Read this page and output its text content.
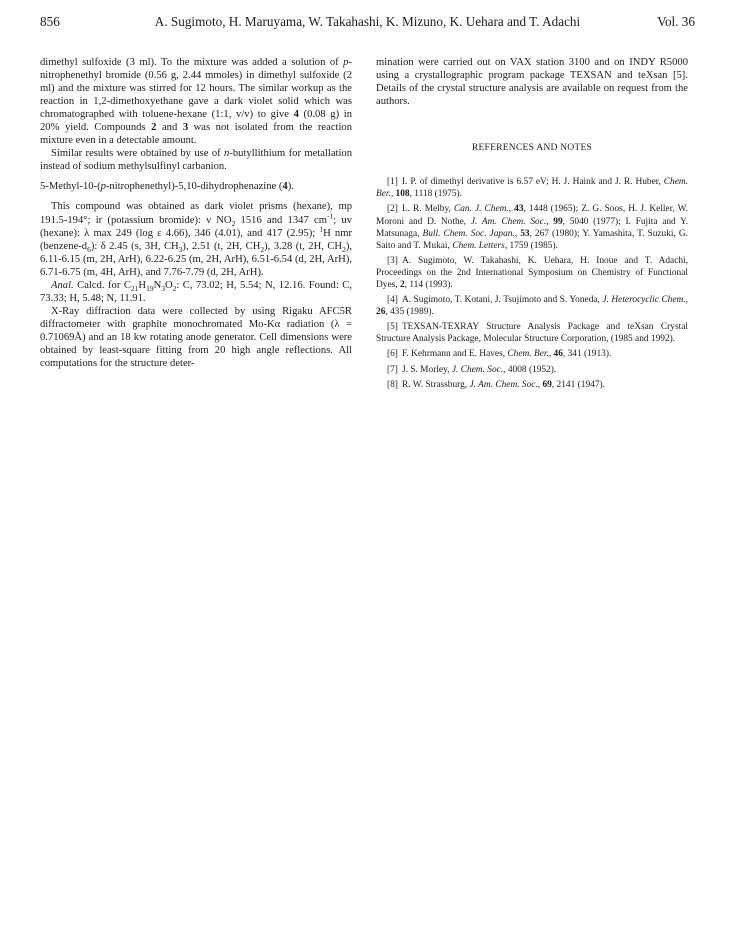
856	A. Sugimoto, H. Maruyama, W. Takahashi, K. Mizuno, K. Uehara and T. Adachi	Vol. 36

dimethyl sulfoxide (3 ml). To the mixture was added a solution of p-nitrophenethyl bromide (0.56 g, 2.44 mmoles) in dimethyl sulfoxide (2 ml) and the mixture was stirred for 12 hours. The similar workup as the reaction in 1,2-dimethoxyethane gave a dark violet solid which was chromatographed with toluene-hexane (1:1, v/v) to give 4 (0.08 g) in 20% yield. Compounds 2 and 3 was not isolated from the reaction mixture even in a detectable amount.

Similar results were obtained by use of n-butyllithium for metallation instead of sodium methylsulfinyl carbanion.

5-Methyl-10-(p-nitrophenethyl)-5,10-dihydrophenazine (4).

This compound was obtained as dark violet prisms (hexane), mp 191.5-194°; ir (potassium bromide): ν $NO_2$ 1516 and 1347 $cm^{-1}$; uv (hexane): λ max 249 (log ε 4.66), 346 (4.01), and 417 (2.95); $^1$H nmr $(benzene-d_6)$: δ 2.45 (s, 3H, $CH_3$), 2.51 (t, 2H, $CH_2$), 3.28 (t, 2H, $CH_2$), 6.11-6.15 (m, 2H, ArH), 6.22-6.25 (m, 2H, ArH), 6.51-6.54 (d, 2H, ArH), 6.71-6.75 (m, 4H, ArH), and 7.76-7.79 (d, 2H, ArH).

Anal. Calcd. for $C_{21}H_{19}N_3O_2$: C, 73.02; H, 5.54; N, 12.16. Found: C, 73.33; H, 5.48; N, 11.91.

X-Ray diffraction data were collected by using Rigaku AFC5R diffractometer with graphite monochromated Mo-Kα radiation (λ = 0.71069Å) and an 18 kw rotating anode generator. Cell dimensions were obtained by least-square fitting from 20 high angle reflections. All computations for the structure deter-

mination were carried out on VAX station 3100 and on INDY R5000 using a crystallographic program package TEXSAN and teXsan [5]. Details of the crystal structure analysis are available on request from the authors.

REFERENCES AND NOTES

[1] I. P. of dimethyl derivative is 6.57 eV; H. J. Haink and J. R. Huber, Chem. Ber., 108, 1118 (1975).

[2] L. R. Melby, Can. J. Chem., 43, 1448 (1965); Z. G. Soos, H. J. Keller, W. Moroni and D. Nothe, J. Am. Chem. Soc., 99, 5040 (1977); I. Fujita and Y. Matsunaga, Bull. Chem. Soc. Japan., 53, 267 (1980); Y. Yamashita, T. Suzuki, G. Saito and T. Mukai, Chem. Letters, 1759 (1985).

[3] A. Sugimoto, W. Takahashi, K. Uehara, H. Inoue and T. Adachi, Proceedings on the 2nd International Symposium on Chemistry of Functional Dyes, 2, 114 (1993).

[4] A. Sugimoto, T. Kotani, J. Tsujimoto and S. Yoneda, J. Heterocyclic Chem., 26, 435 (1989).

[5] TEXSAN-TEXRAY Structure Analysis Package and teXsan Crystal Structure Analysis Package, Molecular Structure Corporation, (1985 and 1992).

[6] F. Kehrmann and E. Haves, Chem. Ber., 46, 341 (1913).

[7] J. S. Morley, J. Chem. Soc., 4008 (1952).

[8] R. W. Strassburg, J. Am. Chem. Soc., 69, 2141 (1947).
